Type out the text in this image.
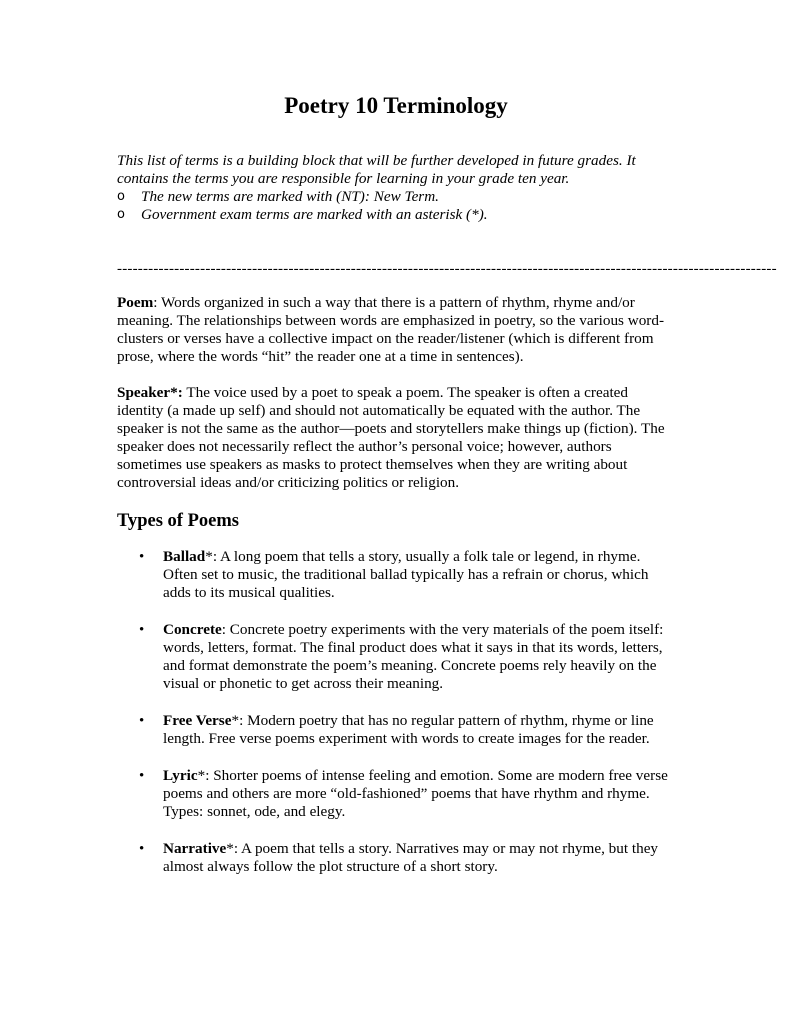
Poetry 10 Terminology

This list of terms is a building block that will be further developed in future grades. It contains the terms you are responsible for learning in your grade ten year.

o The new terms are marked with (NT): New Term.
o Government exam terms are marked with an asterisk (*).
-------------------------------------------------------------------------------------------------------------------------------

Poem: Words organized in such a way that there is a pattern of rhythm, rhyme and/or meaning. The relationships between words are emphasized in poetry, so the various word-clusters or verses have a collective impact on the reader/listener (which is different from prose, where the words “hit” the reader one at a time in sentences).

Speaker*: The voice used by a poet to speak a poem. The speaker is often a created identity (a made up self) and should not automatically be equated with the author. The speaker is not the same as the author—poets and storytellers make things up (fiction). The speaker does not necessarily reflect the author’s personal voice; however, authors sometimes use speakers as masks to protect themselves when they are writing about controversial ideas and/or criticizing politics or religion.

Types of Poems
• Ballad*: A long poem that tells a story, usually a folk tale or legend, in rhyme. Often set to music, the traditional ballad typically has a refrain or chorus, which adds to its musical qualities.
• Concrete: Concrete poetry experiments with the very materials of the poem itself: words, letters, format. The final product does what it says in that its words, letters, and format demonstrate the poem’s meaning. Concrete poems rely heavily on the visual or phonetic to get across their meaning.
• Free Verse*: Modern poetry that has no regular pattern of rhythm, rhyme or line length. Free verse poems experiment with words to create images for the reader.
• Lyric*: Shorter poems of intense feeling and emotion. Some are modern free verse poems and others are more “old-fashioned” poems that have rhythm and rhyme. Types: sonnet, ode, and elegy.
• Narrative*: A poem that tells a story. Narratives may or may not rhyme, but they almost always follow the plot structure of a short story.
